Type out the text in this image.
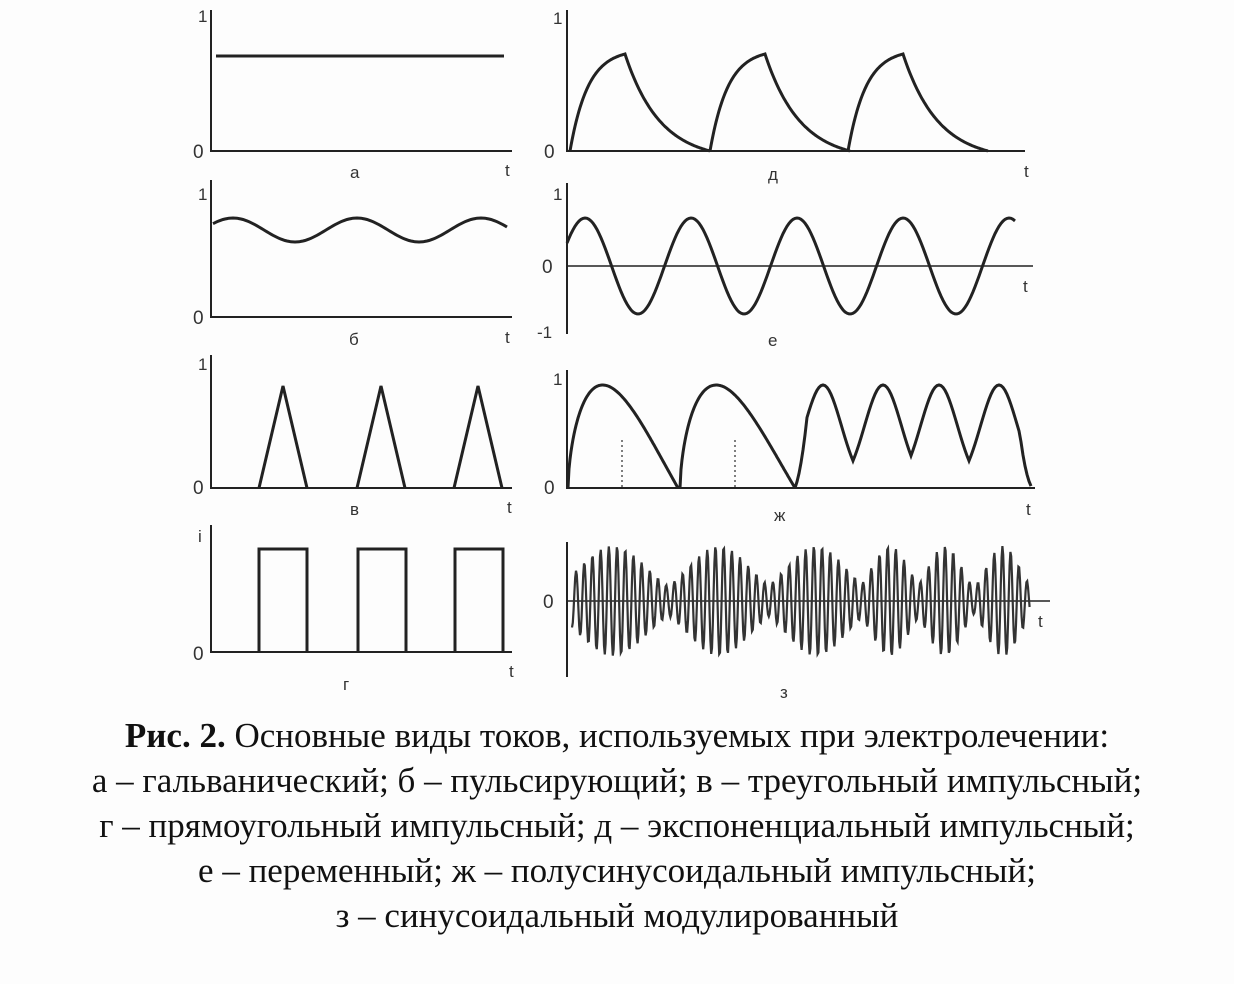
1
0
t
а
1
0
t
б
1
0
t
в
i
0
t
г
1
0
t
д
1
0
-1
t
е
1
0
t
ж
0
t
з
Рис. 2. Основные виды токов, используемых при электролечении:
а – гальванический; б – пульсирующий; в – треугольный импульсный;
г – прямоугольный импульсный; д – экспоненциальный импульсный;
е – переменный; ж – полусинусоидальный импульсный;
з – синусоидальный модулированный
